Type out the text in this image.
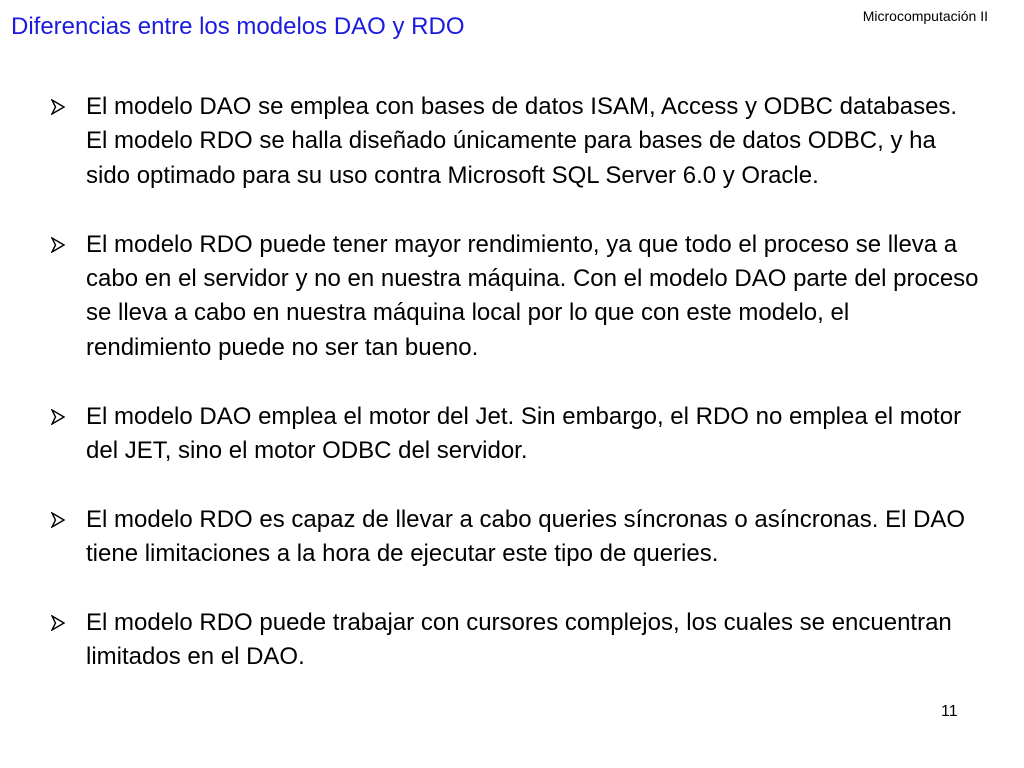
Diferencias entre los modelos DAO y RDO	Microcomputación II
El modelo DAO se emplea con bases de datos ISAM, Access y ODBC databases. El modelo RDO se halla diseñado únicamente para bases de datos ODBC, y ha sido optimado para su uso contra Microsoft SQL Server 6.0 y Oracle.
El modelo RDO puede tener mayor rendimiento, ya que todo el proceso se lleva a cabo en el servidor y no en nuestra máquina. Con el modelo DAO parte del proceso se lleva a cabo en nuestra máquina local por lo que con este modelo, el rendimiento puede no ser tan bueno.
El modelo DAO emplea el motor del Jet. Sin embargo, el RDO no emplea el motor del JET, sino el motor ODBC del servidor.
El modelo RDO es capaz de llevar a cabo queries síncronas o asíncronas. El DAO tiene limitaciones a la hora de ejecutar este tipo de queries.
El modelo RDO puede trabajar con cursores complejos, los cuales se encuentran limitados en el DAO.
11
